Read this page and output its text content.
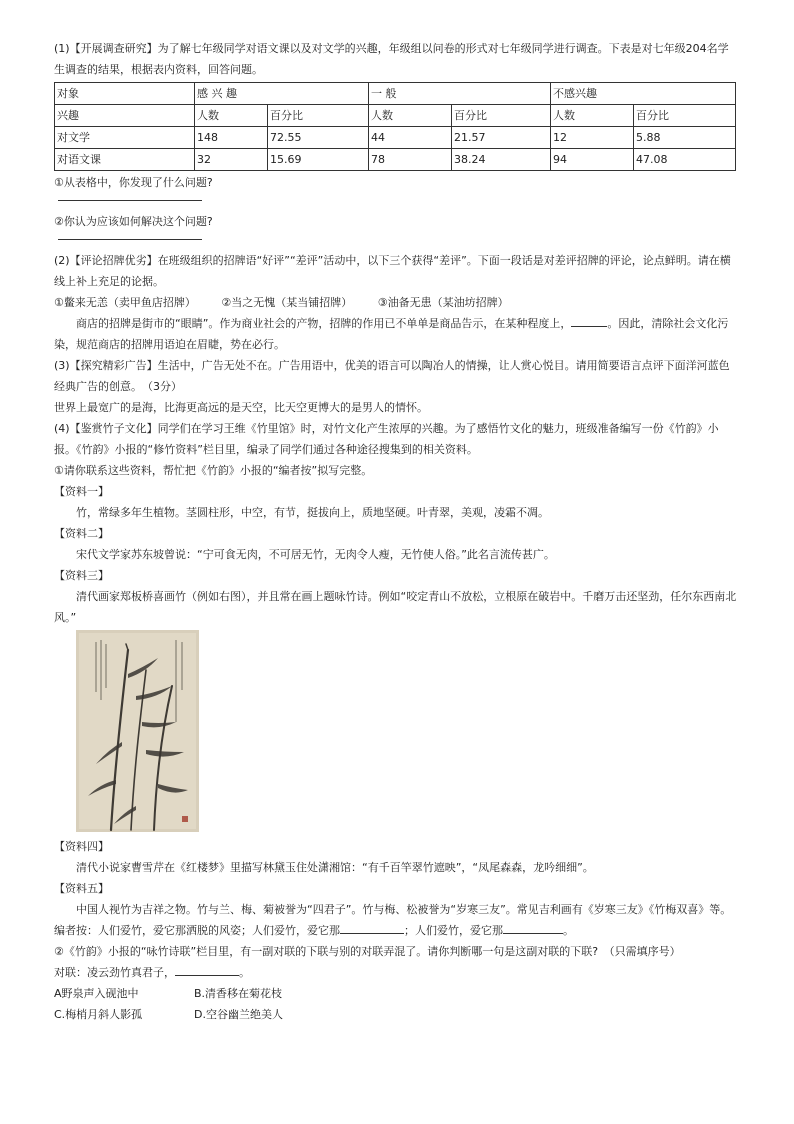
(1)【开展调查研究】为了解七年级同学对语文课以及对文学的兴趣，年级组以问卷的形式对七年级同学进行调查。下表是对七年级204名学生调查的结果，根据表内资料，回答问题。

对象	感 兴 趣		一 般		不感兴趣	
兴趣	人数	百分比	人数	百分比	人数	百分比
对文学	148	72.55	44	21.57	12	5.88
对语文课	32	15.69	78	38.24	94	47.08

①从表格中，你发现了什么问题?

②你认为应该如何解决这个问题?

(2)【评论招牌优劣】在班级组织的招牌语“好评”“差评”活动中，以下三个获得“差评”。下面一段话是对差评招牌的评论，论点鲜明。请在横线上补上充足的论据。

①鳖来无恙（卖甲鱼店招牌） ②当之无愧（某当铺招牌） ③油备无患（某油坊招牌）

商店的招牌是街市的“眼睛”。作为商业社会的产物，招牌的作用已不单单是商品告示，在某种程度上，	。因此，清除社会文化污染，规范商店的招牌用语迫在眉睫，势在必行。

(3)【探究精彩广告】生活中，广告无处不在。广告用语中，优美的语言可以陶冶人的情操，让人赏心悦目。请用简要语言点评下面洋河蓝色经典广告的创意。　（3分）

世界上最宽广的是海，比海更高远的是天空，比天空更博大的是男人的情怀。

(4)【鉴赏竹子文化】同学们在学习王维《竹里馆》时，对竹文化产生浓厚的兴趣。为了感悟竹文化的魅力，班级准备编写一份《竹韵》小报。《竹韵》小报的“修竹资料”栏目里，编录了同学们通过各种途径搜集到的相关资料。

①请你联系这些资料，帮忙把《竹韵》小报的“编者按”拟写完整。

【资料一】

竹，常绿多年生植物。茎圆柱形，中空，有节，挺拔向上，质地坚硬。叶青翠，美观，凌霜不凋。

【资料二】

宋代文学家苏东坡曾说：“宁可食无肉，不可居无竹，无肉令人瘦，无竹使人俗。”此名言流传甚广。

【资料三】

清代画家郑板桥喜画竹（例如右图），并且常在画上题咏竹诗。例如“咬定青山不放松，立根原在破岩中。千磨万击还坚劲，任尔东西南北风。”

【资料四】

清代小说家曹雪芹在《红楼梦》里描写林黛玉住处潇湘馆：“有千百竿翠竹遮映”，“凤尾森森，龙吟细细”。

【资料五】

中国人视竹为吉祥之物。竹与兰、梅、菊被誉为“四君子”。竹与梅、松被誉为“岁寒三友”。常见吉利画有《岁寒三友》《竹梅双喜》等。

编者按：人们爱竹，爱它那洒脱的风姿；人们爱竹，爱它那	；人们爱竹，爱它那	。

②《竹韵》小报的“咏竹诗联”栏目里，有一副对联的下联与别的对联弄混了。请你判断哪一句是这副对联的下联?　（只需填序号）

对联：凌云劲竹真君子，	。

A野泉声入砚池中	B.清香移在菊花枝
C.梅梢月斜人影孤	D.空谷幽兰绝美人
